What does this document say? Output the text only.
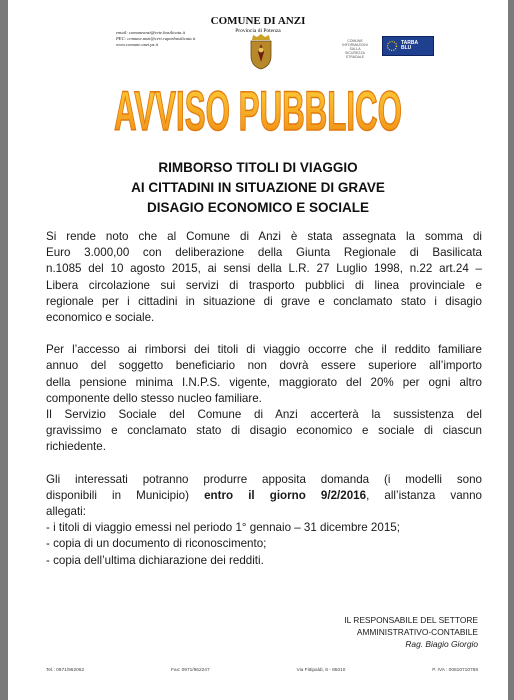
email: comuneanzi@rete.basilicata.it
PEC: comune.anzi@cert.ruparbasilicata.it
www.comune.anzi.pz.it
COMUNE DI ANZI
Provincia di Potenza
COMUNE
INFORMAZIONI
SULLA
SICUREZZA
STRADALE
TARBA
BLU
AVVISO PUBBLICO
RIMBORSO TITOLI DI VIAGGIO
AI CITTADINI IN SITUAZIONE DI GRAVE
DISAGIO ECONOMICO E SOCIALE

Si rende noto che al Comune di Anzi è stata assegnata la somma di

Euro 3.000,00 con deliberazione della Giunta Regionale di Basilicata

n.1085 del 10 agosto 2015, ai sensi della L.R. 27 Luglio 1998, n.22 art.24 –

Libera circolazione sui servizi di trasporto pubblici di linea provinciale e

regionale per i cittadini in situazione di grave e conclamato stato i disagio

economico e sociale.

Per l’accesso ai rimborsi dei titoli di viaggio occorre che il reddito familiare

annuo del soggetto beneficiario non dovrà essere superiore all’importo

della pensione minima I.N.P.S. vigente, maggiorato del 20% per ogni altro

componente dello stesso nucleo familiare.

Il Servizio Sociale del Comune di Anzi accerterà la sussistenza del

gravissimo e conclamato stato di disagio economico e sociale di ciascun

richiedente.

Gli interessati potranno produrre apposita domanda (i modelli sono

disponibili in Municipio) entro il giorno 9/2/2016, all’istanza vanno

allegati:

- i titoli di viaggio emessi nel periodo 1° gennaio – 31 dicembre 2015;

- copia di un documento di riconoscimento;

- copia dell’ultima dichiarazione dei redditi.

IL RESPONSABILE DEL SETTORE
AMMINISTRATIVO-CONTABILE
Rag. Biagio Giorgio
Tel.: 0971/962062	Fax: 0971/962247	Via Fittipaldi, 8 - 85010	P. IVA : 00810710768
